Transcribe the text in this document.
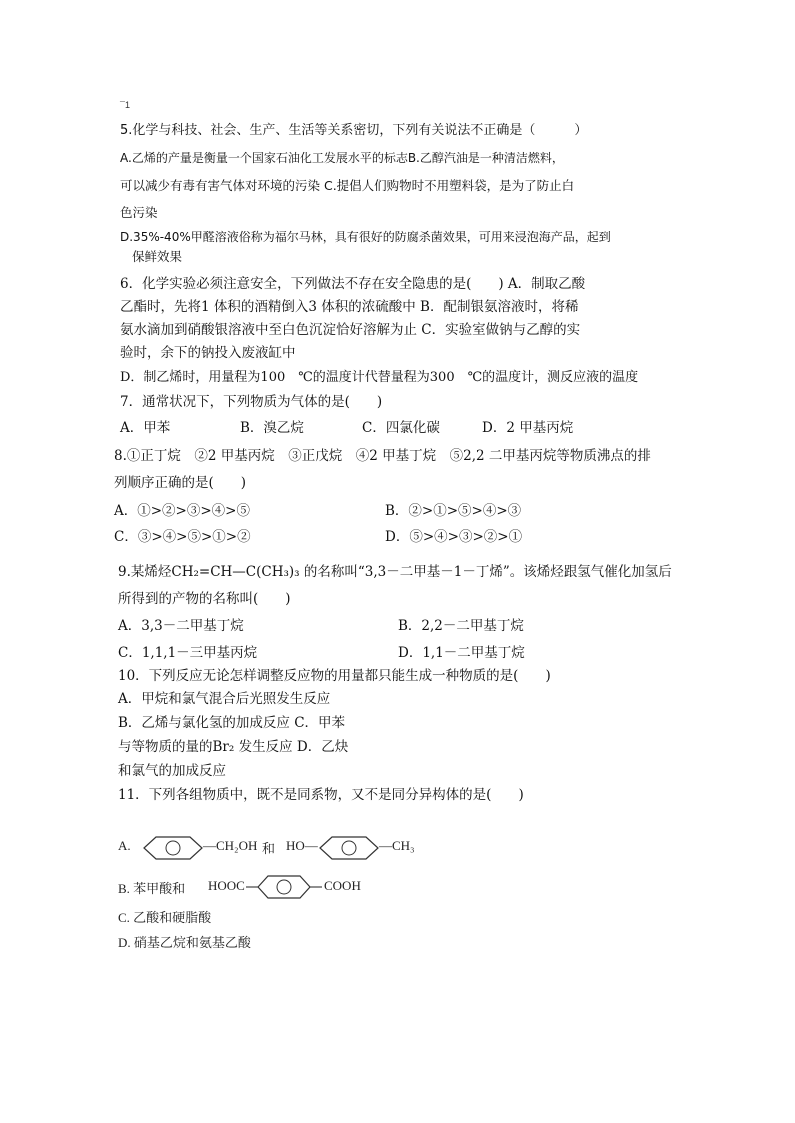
¯1
5.化学与科技、社会、生产、生活等关系密切，下列有关说法不正确是（　　　）
A.乙烯的产量是衡量一个国家石油化工发展水平的标志B.乙醇汽油是一种清洁燃料，
可以减少有毒有害气体对环境的污染 C.提倡人们购物时不用塑料袋，是为了防止白
色污染
D.35%-40%甲醛溶液俗称为福尔马林，具有很好的防腐杀菌效果，可用来浸泡海产品，起到
保鲜效果
6．化学实验必须注意安全，下列做法不存在安全隐患的是(　　) A．制取乙酸
乙酯时，先将1 体积的酒精倒入3 体积的浓硫酸中 B．配制银氨溶液时，将稀
氨水滴加到硝酸银溶液中至白色沉淀恰好溶解为止 C．实验室做钠与乙醇的实
验时，余下的钠投入废液缸中
D．制乙烯时，用量程为100　℃的温度计代替量程为300　℃的温度计，测反应液的温度
7．通常状况下，下列物质为气体的是(　　)
A．甲苯	B．溴乙烷	C．四氯化碳	D．2 甲基丙烷
8.①正丁烷　②2 甲基丙烷　③正戊烷　④2 甲基丁烷　⑤2,2 二甲基丙烷等物质沸点的排
列顺序正确的是(　　)
A．①>②>③>④>⑤	B．②>①>⑤>④>③
C．③>④>⑤>①>②	D．⑤>④>③>②>①
9.某烯烃CH₂=CH—C(CH₃)₃ 的名称叫“3,3－二甲基－1－丁烯”。该烯烃跟氢气催化加氢后
所得到的产物的名称叫(　　)
A．3,3－二甲基丁烷	B．2,2－二甲基丁烷
C．1,1,1－三甲基丙烷	D．1,1－二甲基丁烷
10．下列反应无论怎样调整反应物的用量都只能生成一种物质的是(　　)
A．甲烷和氯气混合后光照发生反应
B．乙烯与氯化氢的加成反应 C．甲苯
与等物质的量的Br₂ 发生反应 D．乙炔
和氯气的加成反应
11．下列各组物质中，既不是同系物，又不是同分异构体的是(　　)
A.	—CH₂OH 和 HO—	—CH₃
B. 苯甲酸和 HOOC	COOH
C. 乙酸和硬脂酸
D. 硝基乙烷和氨基乙酸
